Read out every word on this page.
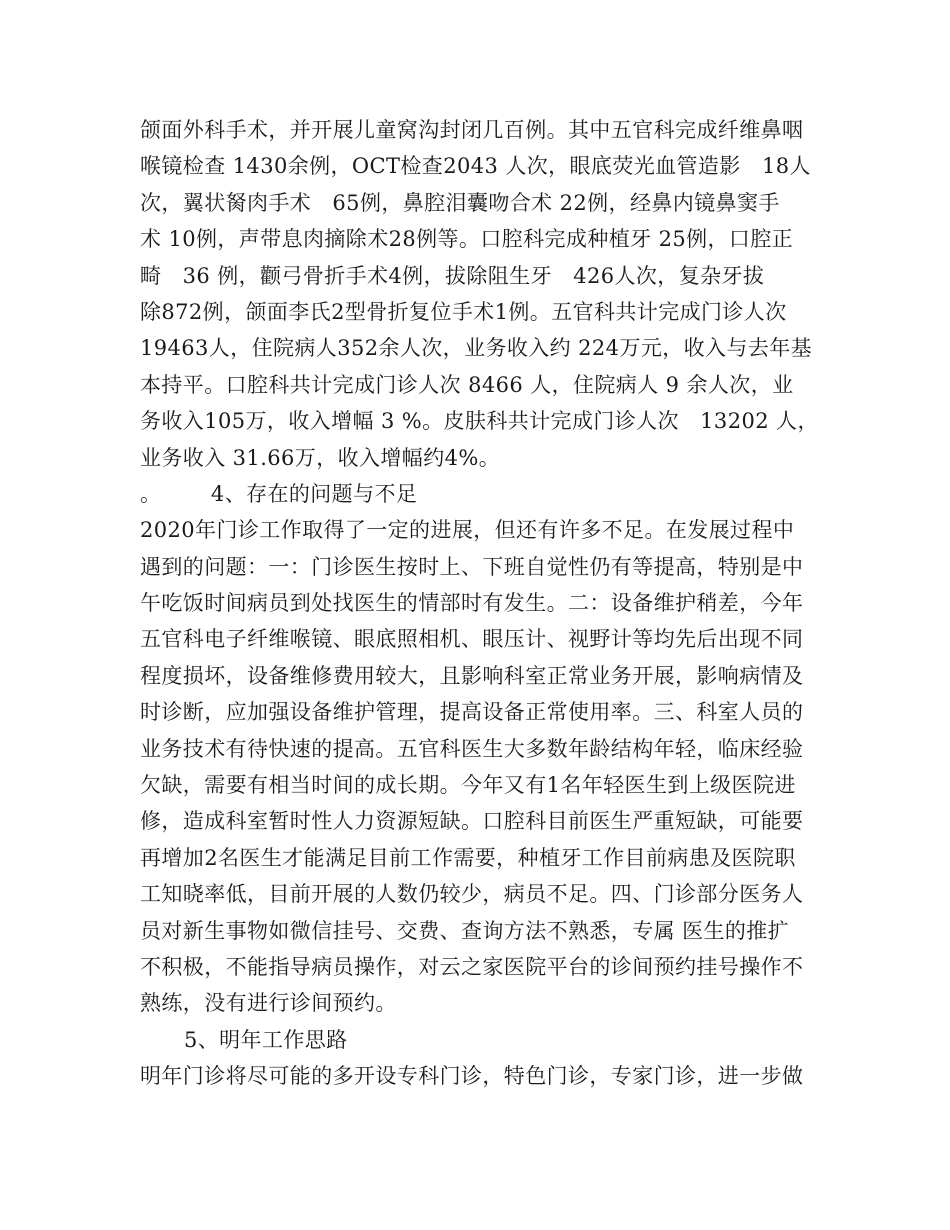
颌面外科手术，并开展儿童窝沟封闭几百例。其中五官科完成纤维鼻咽
喉镜检查 1430余例，OCT检查2043 人次，眼底荧光血管造影   18人
次，翼状胬肉手术   65例，鼻腔泪囊吻合术 22例，经鼻内镜鼻窦手
术 10例，声带息肉摘除术28例等。口腔科完成种植牙 25例，口腔正
畸   36 例，颧弓骨折手术4例，拔除阻生牙   426人次，复杂牙拔
除872例，颌面李氏2型骨折复位手术1例。五官科共计完成门诊人次
19463人，住院病人352余人次，业务收入约 224万元，收入与去年基
本持平。口腔科共计完成门诊人次 8466 人，住院病人 9 余人次，业
务收入105万，收入增幅 3 %。皮肤科共计完成门诊人次   13202 人，
业务收入 31.66万，收入增幅约4%。
。       4、存在的问题与不足
2020年门诊工作取得了一定的进展，但还有许多不足。在发展过程中
遇到的问题：一：门诊医生按时上、下班自觉性仍有等提高，特别是中
午吃饭时间病员到处找医生的情部时有发生。二：设备维护稍差，今年
五官科电子纤维喉镜、眼底照相机、眼压计、视野计等均先后出现不同
程度损坏，设备维修费用较大，且影响科室正常业务开展，影响病情及
时诊断，应加强设备维护管理，提高设备正常使用率。三、科室人员的
业务技术有待快速的提高。五官科医生大多数年龄结构年轻，临床经验
欠缺，需要有相当时间的成长期。今年又有1名年轻医生到上级医院进
修，造成科室暂时性人力资源短缺。口腔科目前医生严重短缺，可能要
再增加2名医生才能满足目前工作需要，种植牙工作目前病患及医院职
工知晓率低，目前开展的人数仍较少，病员不足。四、门诊部分医务人
员对新生事物如微信挂号、交费、查询方法不熟悉，专属 医生的推扩
不积极，不能指导病员操作，对云之家医院平台的诊间预约挂号操作不
熟练，没有进行诊间预约。
5、明年工作思路
明年门诊将尽可能的多开设专科门诊，特色门诊，专家门诊，进一步做
